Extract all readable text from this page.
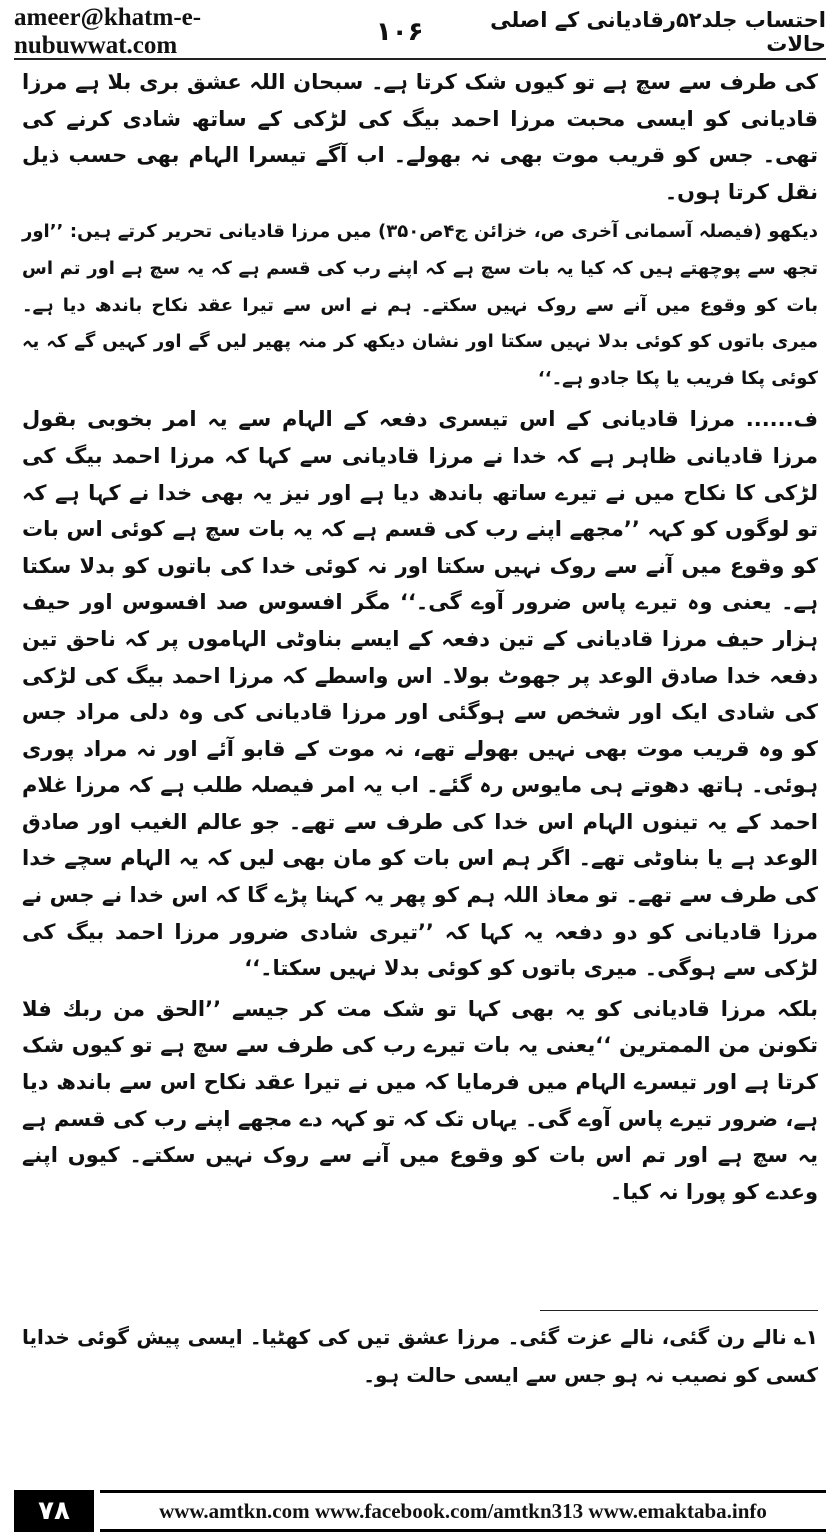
ameer@khatm-e-nubuwwat.com	۱۰۶	احتساب جلد۵۲رقادیانی کے اصلی حالات

کی طرف سے سچ ہے تو کیوں شک کرتا ہے۔ سبحان اللہ عشق بری بلا ہے مرزا قادیانی کو ایسی محبت مرزا احمد بیگ کی لڑکی کے ساتھ شادی کرنے کی تھی۔ جس کو قریب موت بھی نہ بھولے۔ اب آگے تیسرا الہام بھی حسب ذیل نقل کرتا ہوں۔

دیکھو (فیصلہ آسمانی آخری ص، خزائن ج۴ص۳۵۰) میں مرزا قادیانی تحریر کرتے ہیں: ’’اور تجھ سے پوچھتے ہیں کہ کیا یہ بات سچ ہے کہ اپنے رب کی قسم ہے کہ یہ سچ ہے اور تم اس بات کو وقوع میں آنے سے روک نہیں سکتے۔ ہم نے اس سے تیرا عقد نکاح باندھ دیا ہے۔ میری باتوں کو کوئی بدلا نہیں سکتا اور نشان دیکھ کر منہ پھیر لیں گے اور کہیں گے کہ یہ کوئی پکا فریب یا پکا جادو ہے۔‘‘

ف...... مرزا قادیانی کے اس تیسری دفعہ کے الہام سے یہ امر بخوبی بقول مرزا قادیانی ظاہر ہے کہ خدا نے مرزا قادیانی سے کہا کہ مرزا احمد بیگ کی لڑکی کا نکاح میں نے تیرے ساتھ باندھ دیا ہے اور نیز یہ بھی خدا نے کہا ہے کہ تو لوگوں کو کہہ ’’مجھے اپنے رب کی قسم ہے کہ یہ بات سچ ہے کوئی اس بات کو وقوع میں آنے سے روک نہیں سکتا اور نہ کوئی خدا کی باتوں کو بدلا سکتا ہے۔ یعنی وہ تیرے پاس ضرور آوے گی۔‘‘ مگر افسوس صد افسوس اور حیف ہزار حیف مرزا قادیانی کے تین دفعہ کے ایسے بناوٹی الہاموں پر کہ ناحق تین دفعہ خدا صادق الوعد پر جھوٹ بولا۔ اس واسطے کہ مرزا احمد بیگ کی لڑکی کی شادی ایک اور شخص سے ہوگئی اور مرزا قادیانی کی وہ دلی مراد جس کو وہ قریب موت بھی نہیں بھولے تھے، نہ موت کے قابو آئے اور نہ مراد پوری ہوئی۔ ہاتھ دھوتے ہی مایوس رہ گئے۔ اب یہ امر فیصلہ طلب ہے کہ مرزا غلام احمد کے یہ تینوں الہام اس خدا کی طرف سے تھے۔ جو عالم الغیب اور صادق الوعد ہے یا بناوٹی تھے۔ اگر ہم اس بات کو مان بھی لیں کہ یہ الہام سچے خدا کی طرف سے تھے۔ تو معاذ اللہ ہم کو پھر یہ کہنا پڑے گا کہ اس خدا نے جس نے مرزا قادیانی کو دو دفعہ یہ کہا کہ ’’تیری شادی ضرور مرزا احمد بیگ کی لڑکی سے ہوگی۔ میری باتوں کو کوئی بدلا نہیں سکتا۔‘‘

بلکہ مرزا قادیانی کو یہ بھی کہا تو شک مت کر جیسے ’’الحق من ربك فلا تكونن من الممترين ‘‘یعنی یہ بات تیرے رب کی طرف سے سچ ہے تو کیوں شک کرتا ہے اور تیسرے الہام میں فرمایا کہ میں نے تیرا عقد نکاح اس سے باندھ دیا ہے، ضرور تیرے پاس آوے گی۔ یہاں تک کہ تو کہہ دے مجھے اپنے رب کی قسم ہے یہ سچ ہے اور تم اس بات کو وقوع میں آنے سے روک نہیں سکتے۔ کیوں اپنے وعدے کو پورا نہ کیا۔

۱؎ نالے رن گئی، نالے عزت گئی۔ مرزا عشق تیں کی کھٹیا۔ ایسی پیش گوئی خدایا کسی کو نصیب نہ ہو جس سے ایسی حالت ہو۔
۷۸	www.amtkn.com www.facebook.com/amtkn313 www.emaktaba.info
